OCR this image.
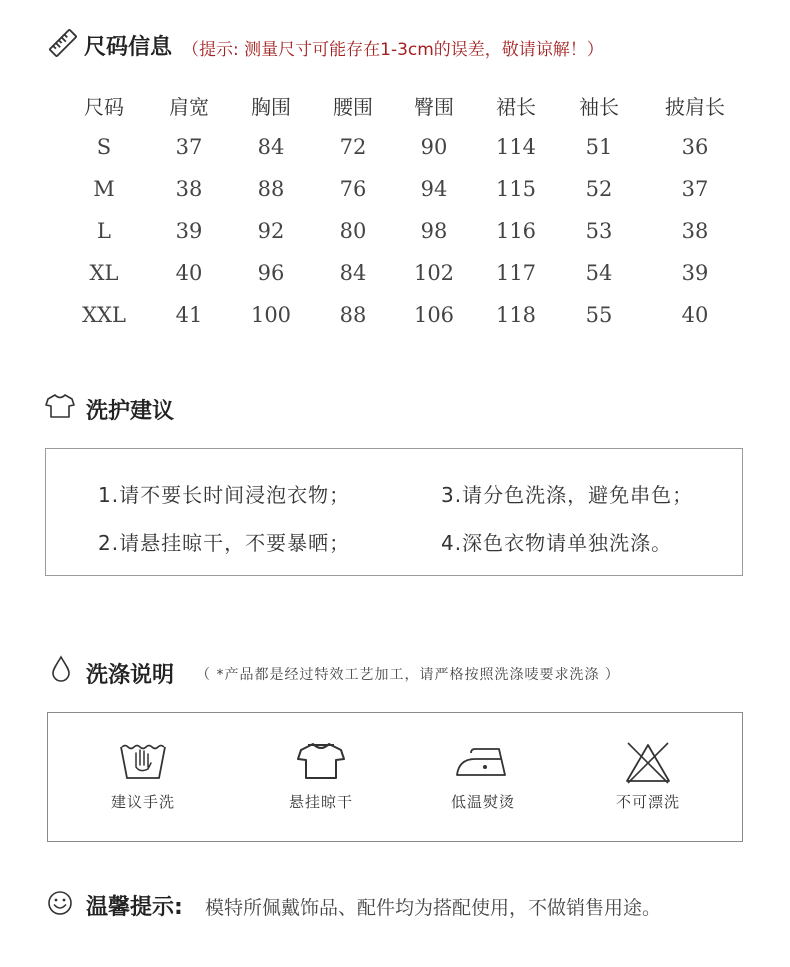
尺码信息 （提示: 测量尺寸可能存在1-3cm的误差，敬请谅解！）
尺码	肩宽	胸围	腰围	臀围	裙长	袖长	披肩长
S	37	84	72	90	114	51	36
M	38	88	76	94	115	52	37
L	39	92	80	98	116	53	38
XL	40	96	84	102	117	54	39
XXL	41	100	88	106	118	55	40
洗护建议
1.请不要长时间浸泡衣物；	3.请分色洗涤，避免串色；
2.请悬挂晾干，不要暴晒；	4.深色衣物请单独洗涤。
洗涤说明 （ *产品都是经过特效工艺加工，请严格按照洗涤唛要求洗涤 ）
建议手洗	悬挂晾干	低温熨烫	不可漂洗
温馨提示: 模特所佩戴饰品、配件均为搭配使用，不做销售用途。
